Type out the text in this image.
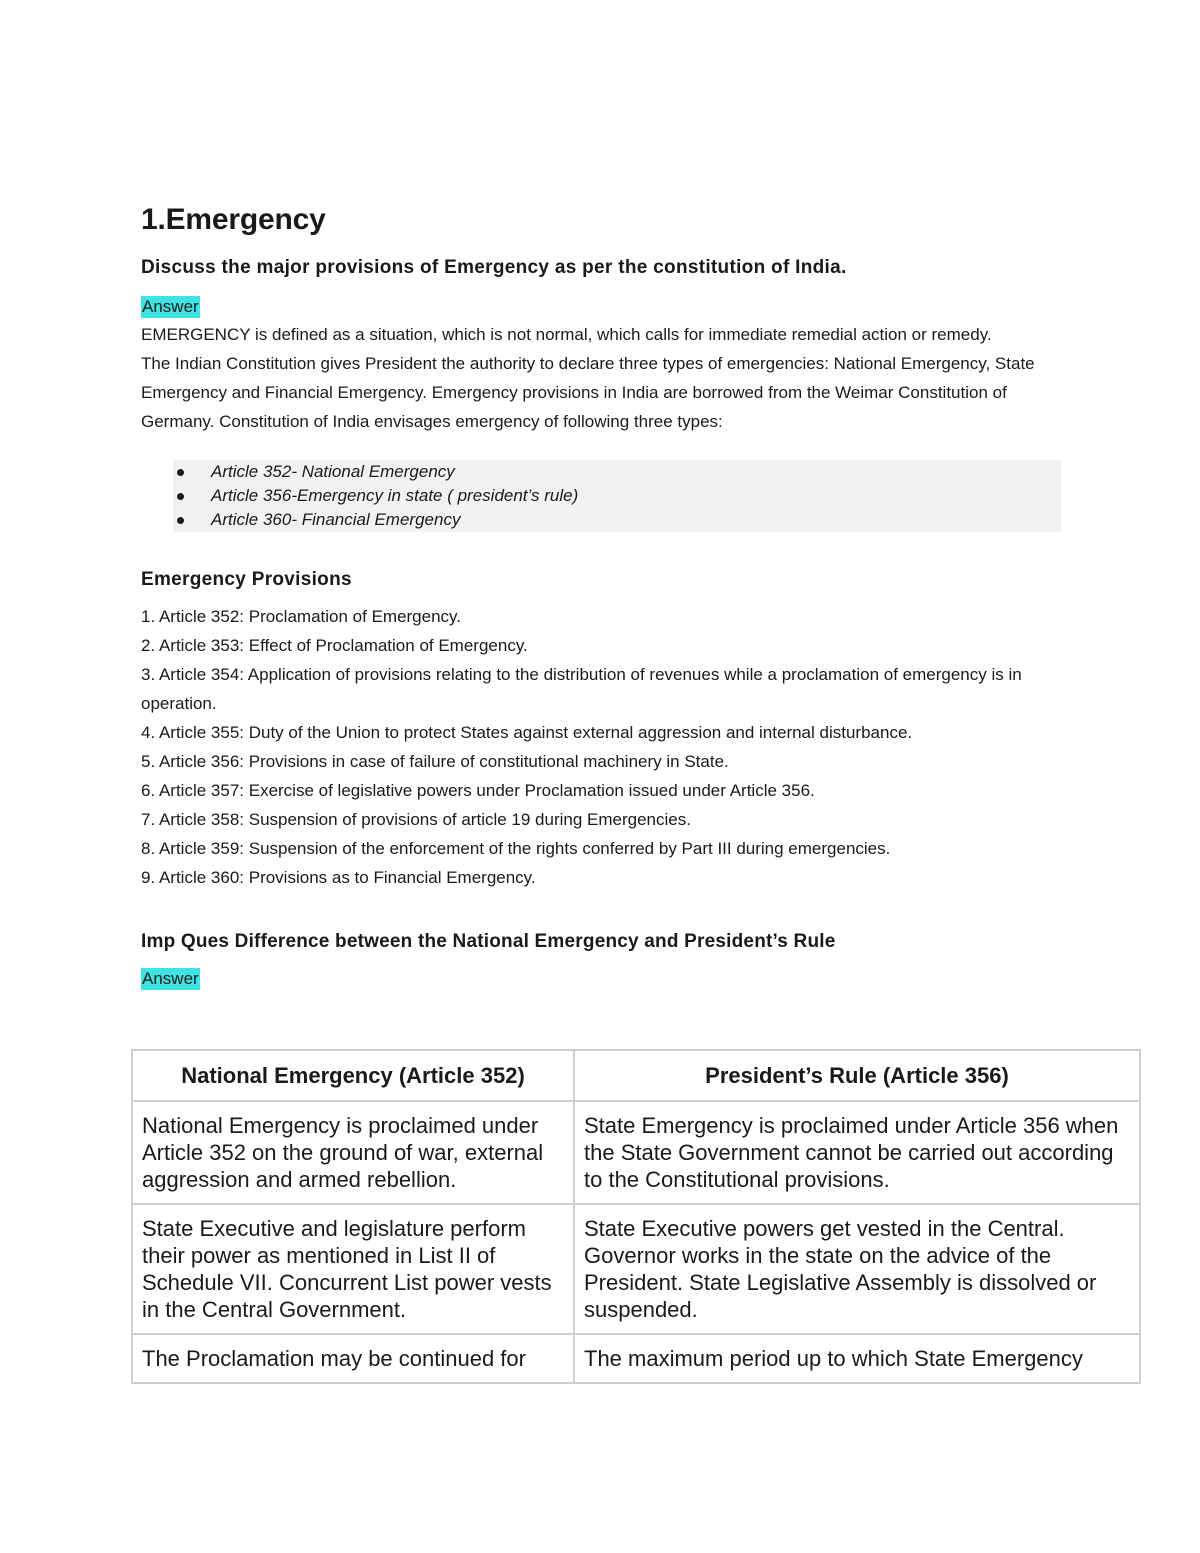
1.Emergency

Discuss the major provisions of Emergency as per the constitution of India.

Answer

EMERGENCY is defined as a situation, which is not normal, which calls for immediate remedial action or remedy.

The Indian Constitution gives President the authority to declare three types of emergencies: National Emergency, State Emergency and Financial Emergency. Emergency provisions in India are borrowed from the Weimar Constitution of Germany. Constitution of India envisages emergency of following three types:

Article 352- National Emergency
Article 356-Emergency in state ( president’s rule)
Article 360- Financial Emergency

Emergency Provisions

1. Article 352: Proclamation of Emergency.
2. Article 353: Effect of Proclamation of Emergency.
3. Article 354: Application of provisions relating to the distribution of revenues while a proclamation of emergency is in operation.
4. Article 355: Duty of the Union to protect States against external aggression and internal disturbance.
5. Article 356: Provisions in case of failure of constitutional machinery in State.
6. Article 357: Exercise of legislative powers under Proclamation issued under Article 356.
7. Article 358: Suspension of provisions of article 19 during Emergencies.
8. Article 359: Suspension of the enforcement of the rights conferred by Part III during emergencies.
9. Article 360: Provisions as to Financial Emergency.

Imp Ques Difference between the National Emergency and President’s Rule

Answer
National Emergency (Article 352)	President’s Rule (Article 356)
National Emergency is proclaimed under Article 352 on the ground of war, external aggression and armed rebellion.	State Emergency is proclaimed under Article 356 when the State Government cannot be carried out according to the Constitutional provisions.
State Executive and legislature perform their power as mentioned in List II of Schedule VII. Concurrent List power vests in the Central Government.	State Executive powers get vested in the Central. Governor works in the state on the advice of the President. State Legislative Assembly is dissolved or suspended.
The Proclamation may be continued for	The maximum period up to which State Emergency
